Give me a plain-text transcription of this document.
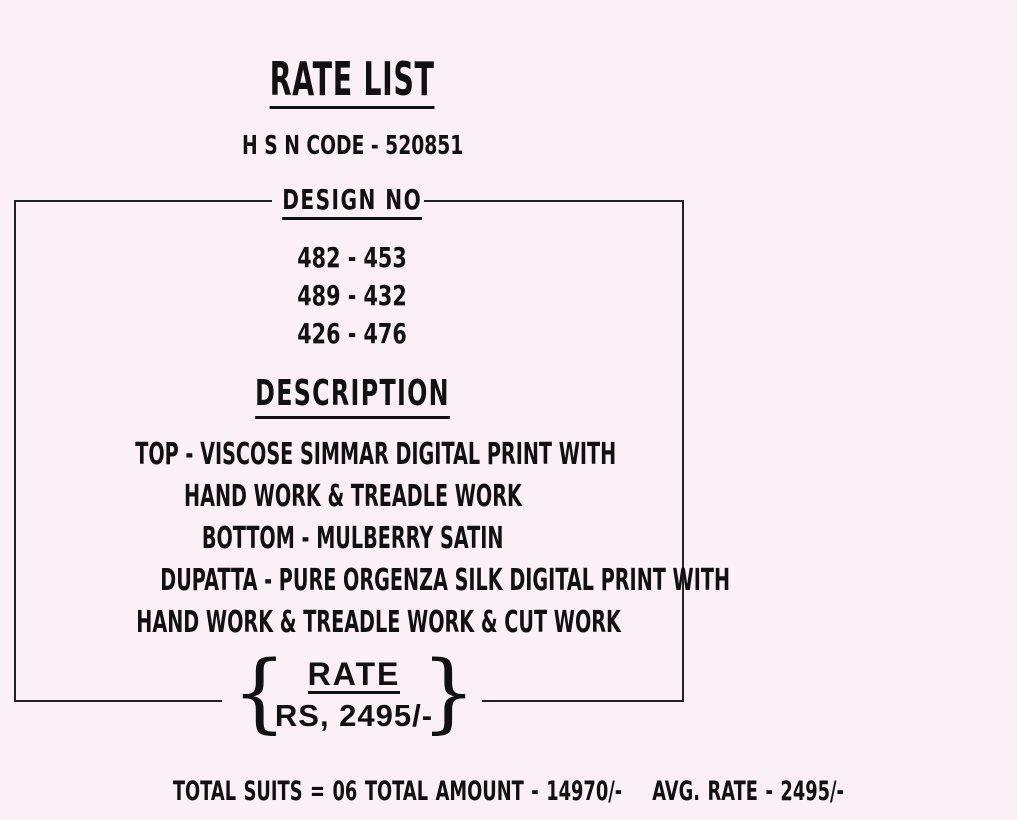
RATE LIST
H S N CODE - 520851
DESIGN NO
482 - 453
489 - 432
426 - 476
DESCRIPTION
TOP - VISCOSE SIMMAR DIGITAL PRINT WITH
HAND WORK & TREADLE WORK
BOTTOM - MULBERRY SATIN
DUPATTA - PURE ORGENZA SILK DIGITAL PRINT WITH
HAND WORK & TREADLE WORK & CUT WORK
{ RATE
RS, 2495/-
}
TOTAL SUITS = 06 TOTAL AMOUNT - 14970/-    AVG. RATE - 2495/-
